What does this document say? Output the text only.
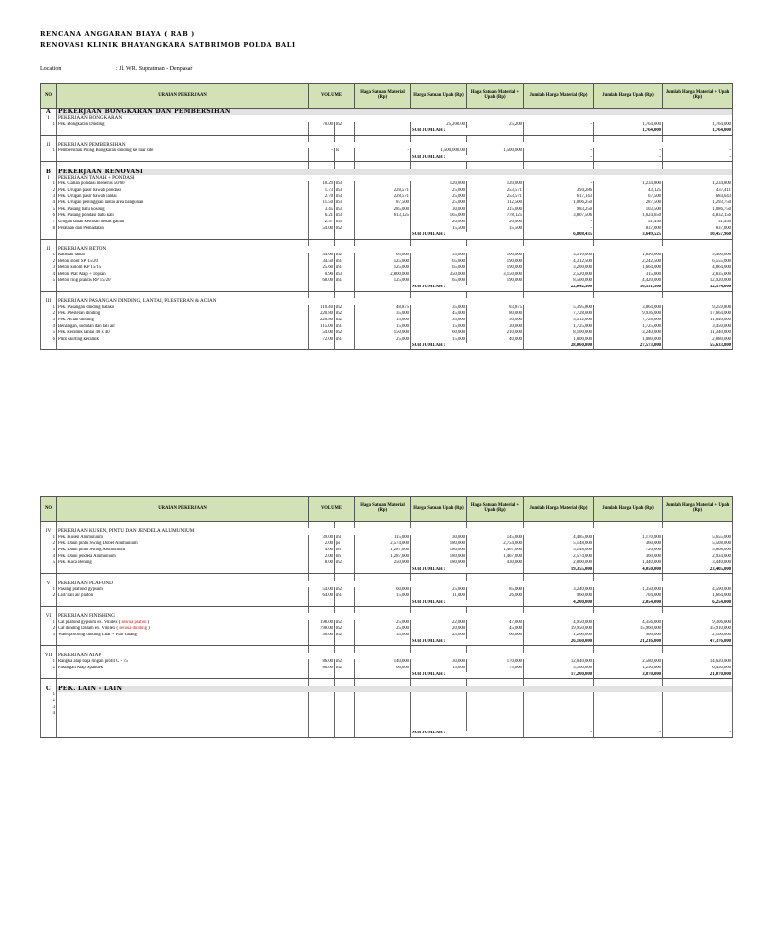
RENCANA ANGGARAN BIAYA ( RAB )
RENOVASI KLINIK BHAYANGKARA SATBRIMOB POLDA BALI
Location	: Jl. WR. Supratman - Denpasar
NO	URAIAN PEKERJAAN	VOLUME		Haga Satuan Material (Rp)	Harga Satuan Upah (Rp)	Haga Satuan Material + Upah (Rp)	Jumlah Harga Material (Rp)	Jumlah Harga Upah (Rp)	Jumlah Harga Material + Upah (Rp)
A	PEKERJAAN BONGKARAN DAN PEMBERSIHAN								
I	PEKERJAAN BONGKARAN								
1	Pek. Bongkaran Dinding	70.00	m2		25,200.00	25,200	-	1,764,000	1,764,000
					SUB JUMLAH :			1,764,000	1,764,000

II	PEKERJAAN PEMBERSIHAN								
1	Pembersihan Puing Bongkaran dinding ke luar site	-	ls	-	1,500,000.00	1,500,000	-	-	-
					SUB JUMLAH :		-	-	-

B	PEKERJAAN RENOVASI								
I	PEKERJAAN TANAH + PONDASI								
1	Pek. Galian pondasi menerus 50/60	10.29	m3		120,000	120,000	-	1,234,800	1,234,800
2	Pek. Urugan pasir bawah pondasi	1.73	m3	228,571	25,000	253,571	394,286	43,125	437,411
3	Pek. Urugan pasir bawah lantai	2.70	m3	228,571	25,000	253,571	617,143	67,500	684,643
4	Pek. Urugan peninggian lantai area bangunan	11.50	m3	87,500	25,000	112,500	1,006,250	287,500	1,293,750
5	Pek. Pasang batu kosong	3.45	m3	285,000	30,000	315,000	983,250	103,500	1,086,750
6	Pek. Pasang pondasi batu kali	6.21	m3	613,125	165,000	778,125	3,807,506	1,024,650	4,832,156
7	Urugan tanah kembali bekas galian	2.57	m3		20,000	20,000	-	51,450	51,450
8	Perataan dan Pemadatan	54.00	m2		15,500	15,500	-	837,000	837,000
					SUB JUMLAH :		6,808,435	3,649,525	10,457,960

II	PEKERJAAN BETON								
1	Rabatan lantai	54.00	m2	65,000	35,000	100,000	3,510,000	1,890,000	5,400,000
2	Beton sloof SP 15/20	34.50	m1	125,000	65,000	190,000	4,312,500	2,242,500	6,555,000
3	Beton kolom KP 15/15	25.60	m1	125,000	65,000	190,000	3,200,000	1,664,000	4,864,000
4	Beton Plat Atap + Topian	0.90	m3	2,800,000	350,000	3,150,000	2,520,000	315,000	2,835,000
5	Beton ring praktis RP 15/20	68.00	m1	125,000	65,000	190,000	8,500,000	4,420,000	12,920,000
					SUB JUMLAH :		22,042,500	10,531,500	32,574,000

III	PEKERJAAN PASANGAN DINDING, LANTAI, PLESTERAN & ACIAN								
1	Pek. Pasangan dinding batako	110.40	m2	48,875	35,000	83,875	5,395,800	3,864,000	9,259,800
2	Pek. Plesteran dinding	220.80	m2	35,000	45,000	80,000	7,728,000	9,936,000	17,664,000
3	Pek. Acian dinding	220.80	m2	15,000	35,000	50,000	3,312,000	7,728,000	11,040,000
4	Benangan, sudutan dan tali air	115.00	m1	15,000	15,000	30,000	1,725,000	1,725,000	3,450,000
5	Pek. keramik lantai 40 x 40	54.00	m2	150,000	60,000	210,000	8,100,000	3,240,000	11,340,000
6	Plint skirting keramik	72.00	m1	25,000	15,000	40,000	1,800,000	1,080,000	2,880,000
					SUB JUMLAH :		28,060,800	27,573,000	55,633,800
NO	URAIAN PEKERJAAN	VOLUME		Haga Satuan Material (Rp)	Harga Satuan Upah (Rp)	Haga Satuan Material + Upah (Rp)	Jumlah Harga Material (Rp)	Jumlah Harga Upah (Rp)	Jumlah Harga Material + Upah (Rp)

IV	PEKERJAAN KUSEN, PINTU DAN JENDELA ALUMUNIUM								
1	Pek. Kusen Alumunium	39.00	ml	115,000	30,000	145,000	4,485,000	1,170,000	5,655,000
2	Pek. Daun pintu Swing Dobel Alumunium	2.00	ps	2,574,000	180,000	2,754,000	5,148,000	360,000	5,508,000
3	Pek. Daun pintu Swing Alumunium	4.00	bh	1,287,000	180,000	1,467,000	5,148,000	720,000	5,868,000
4	Pek. Daun jendela Alumunium	2.00	bh	1,287,000	180,000	1,467,000	2,574,000	360,000	2,934,000
5	Pek. Kaca Bening	8.00	m2	250,000	180,000	430,000	2,000,000	1,440,000	3,440,000
					SUB JUMLAH :		19,355,000	4,050,000	23,405,000

V	PEKERJAAN PLAFOND								
1	Pasang plafond gypsum	54.00	m2	60,000	25,000	85,000	3,240,000	1,350,000	4,590,000
2	List/Tali air plafon	64.00	m1	15,000	11,000	26,000	960,000	704,000	1,664,000
					SUB JUMLAH :		4,200,000	2,054,000	6,254,000

VI	PEKERJAAN FINISHING								
1	Cat plafond gypsum ex. Vinilex ( sesrua plafon )	198.00	m2	25,000	22,000	47,000	4,950,000	4,356,000	9,306,000
2	Cat dinding Dalam ex. Vinilex ( seruua dinding )	798.00	m2	25,000	20,000	45,000	19,950,000	15,960,000	35,910,000
3	Waterproofing dinding Luar + Plat Talang	36.00	m2	35,000	25,000	60,000	1,260,000	900,000	2,160,000
					SUB JUMLAH :		26,160,000	21,216,000	47,376,000

VII	PEKERJAAN ATAP								
1	Rangka atap baja ringan profil C - 75	86.00	m2	140,000	30,000	170,000	12,040,000	2,580,000	14,620,000
2	Pasangan Atap Spandek	86.00	m2	60,000	15,000	75,000	5,160,000	1,290,000	6,450,000
					SUB JUMLAH :		17,200,000	3,870,000	21,070,000

C	PEK. LAIN - LAIN								
1									
2									
3									
4									

					SUB JUMLAH :		-	-	-
